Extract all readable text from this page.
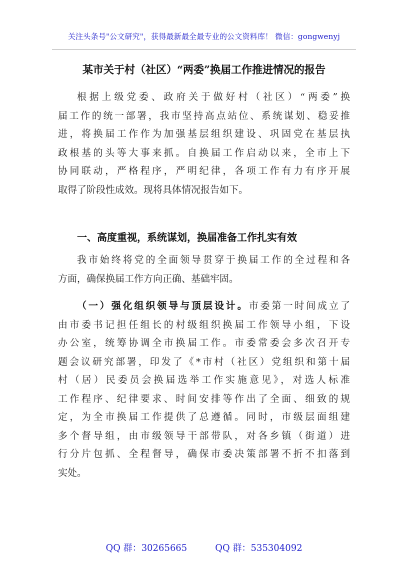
关注头条号"公文研究"，获得最新最全最专业的公文资料库！ 微信：gongwenyj
某市关于村（社区）“两委”换届工作推进情况的报告
根据上级党委、政府关于做好村（社区）“两委”换
届工作的统一部署，我市坚持高点站位、系统谋划、稳妥推
进，将换届工作作为加强基层组织建设、巩固党在基层执
政根基的头等大事来抓。自换届工作启动以来，全市上下
协同联动，严格程序，严明纪律，各项工作有力有序开展
取得了阶段性成效。现将具体情况报告如下。
一、高度重视，系统谋划，换届准备工作扎实有效
我市始终将党的全面领导贯穿于换届工作的全过程和各
方面，确保换届工作方向正确、基础牢固。
（一）强化组织领导与顶层设计。市委第一时间成立了
由市委书记担任组长的村级组织换届工作领导小组，下设
办公室，统筹协调全市换届工作。市委常委会多次召开专
题会议研究部署，印发了《*市村（社区）党组织和第十届
村（居）民委员会换届选举工作实施意见》，对选人标准
工作程序、纪律要求、时间安排等作出了全面、细致的规
定，为全市换届工作提供了总遵循。同时，市级层面组建
多个督导组，由市级领导干部带队，对各乡镇（街道）进
行分片包抓、全程督导，确保市委决策部署不折不扣落到
实处。
QQ 群：30265665	QQ 群：535304092
